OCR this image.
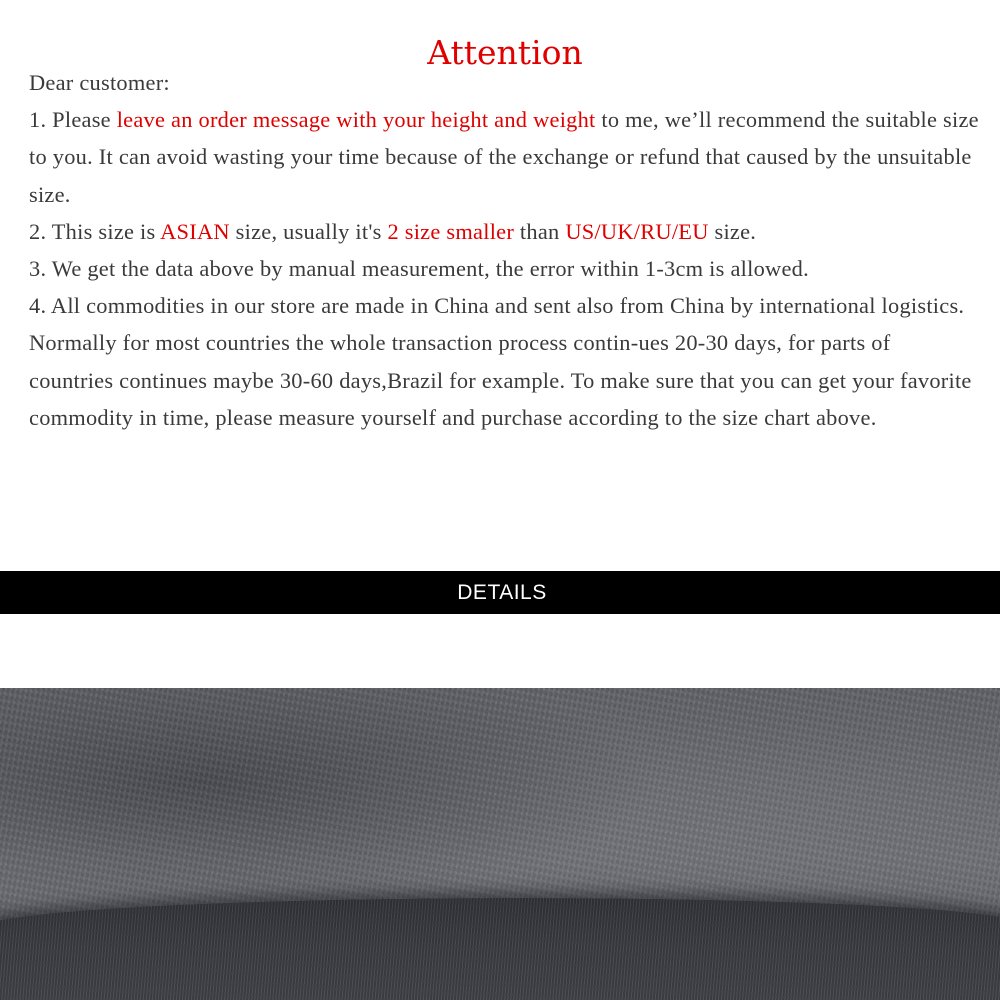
Attention

Dear customer:

1. Please leave an order message with your height and weight to me, we’ll recommend the suitable size to you. It can avoid wasting your time because of the exchange or refund that caused by the unsuitable size.

2. This size is ASIAN size, usually it's 2 size smaller than US/UK/RU/EU size.

3. We get the data above by manual measurement, the error within 1-3cm is allowed.

4. All commodities in our store are made in China and sent also from China by international logistics. Normally for most countries the whole transaction process contin-ues 20-30 days, for parts of countries continues maybe 30-60 days,Brazil for example. To make sure that you can get your favorite commodity in time, please measure yourself and purchase according to the size chart above.

DETAILS
